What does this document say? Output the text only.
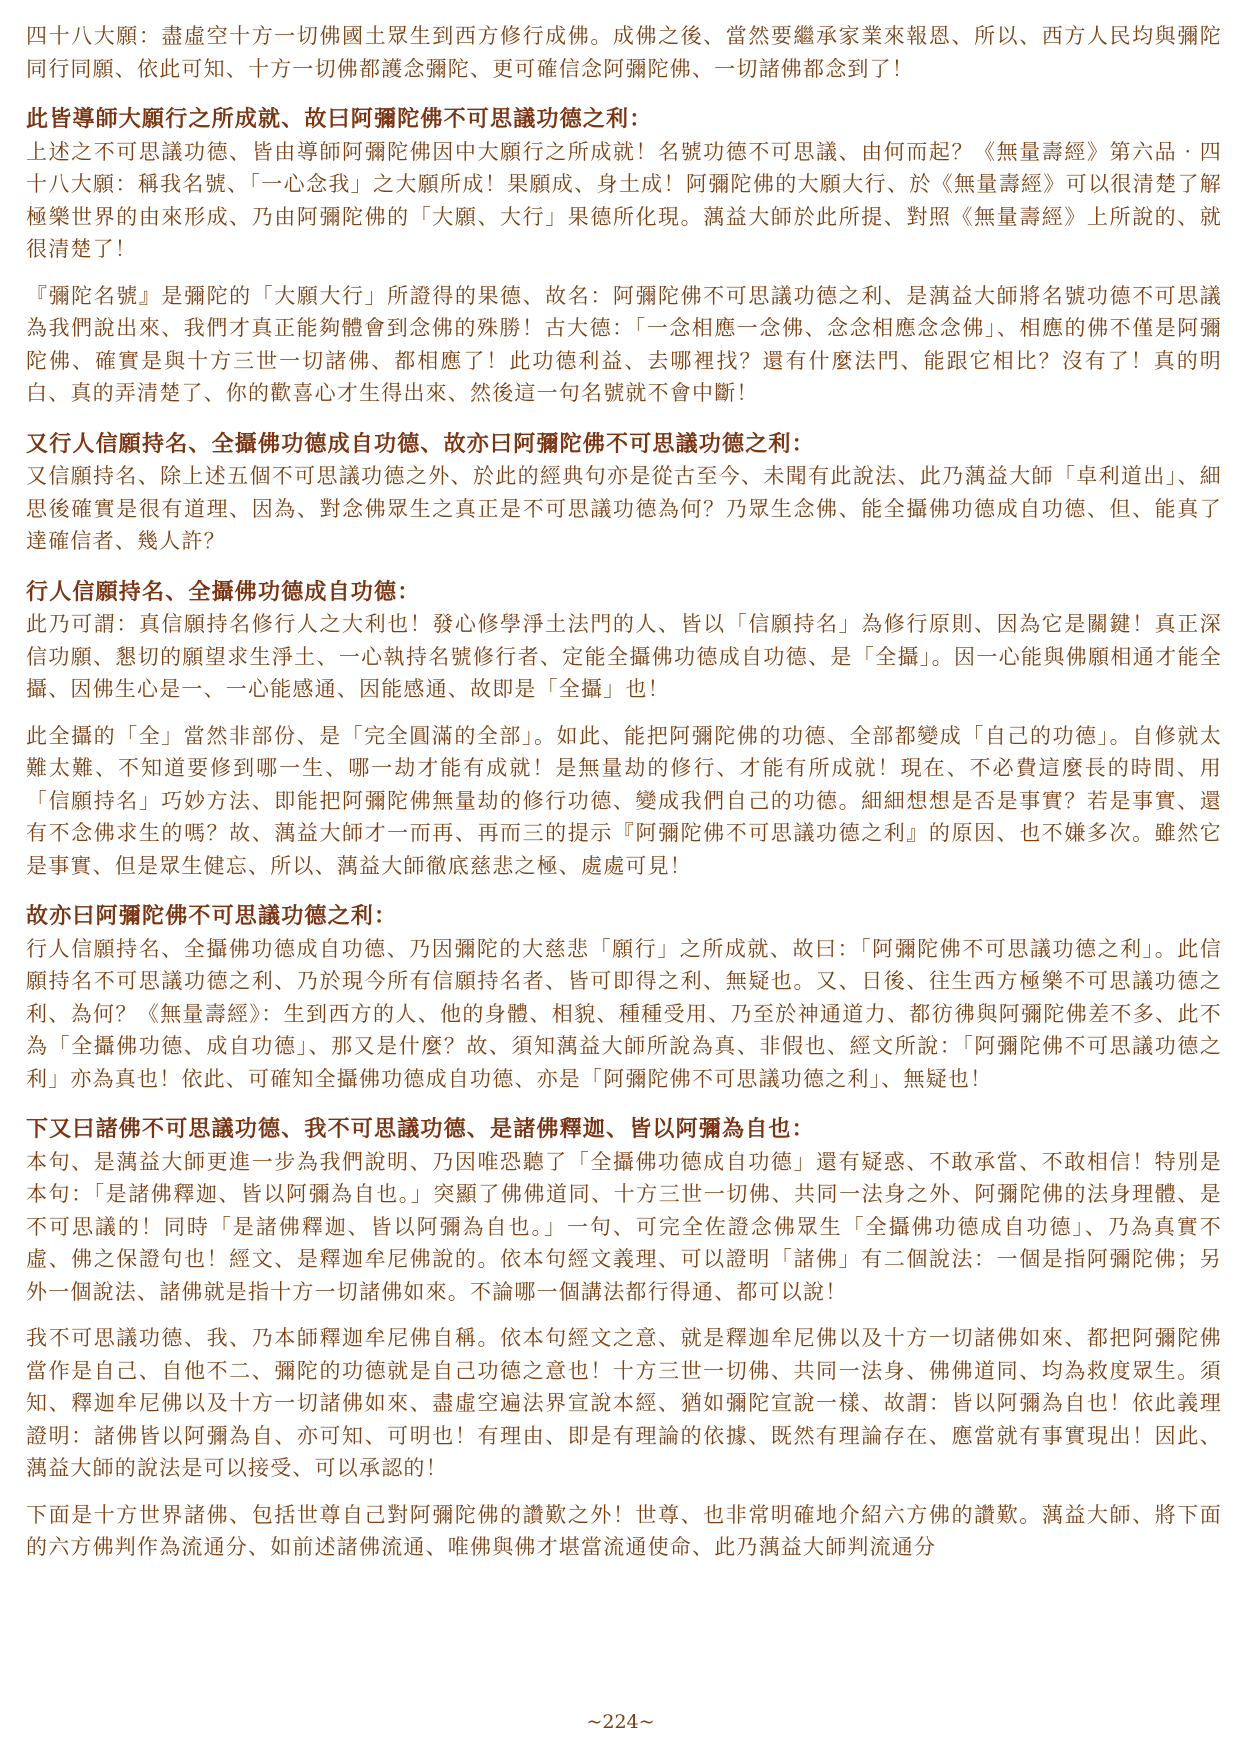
四十八大願：盡虛空十方一切佛國土眾生到西方修行成佛。成佛之後、當然要繼承家業來報恩、所以、西方人民均與彌陀同行同願、依此可知、十方一切佛都護念彌陀、更可確信念阿彌陀佛、一切諸佛都念到了！

此皆導師大願行之所成就、故曰阿彌陀佛不可思議功德之利：

上述之不可思議功德、皆由導師阿彌陀佛因中大願行之所成就！名號功德不可思議、由何而起？《無量壽經》第六品‧四十八大願：稱我名號、「一心念我」之大願所成！果願成、身土成！阿彌陀佛的大願大行、於《無量壽經》可以很清楚了解極樂世界的由來形成、乃由阿彌陀佛的「大願、大行」果德所化現。蕅益大師於此所提、對照《無量壽經》上所說的、就很清楚了！

『彌陀名號』是彌陀的「大願大行」所證得的果德、故名：阿彌陀佛不可思議功德之利、是蕅益大師將名號功德不可思議為我們說出來、我們才真正能夠體會到念佛的殊勝！古大德：「一念相應一念佛、念念相應念念佛」、相應的佛不僅是阿彌陀佛、確實是與十方三世一切諸佛、都相應了！此功德利益、去哪裡找？還有什麼法門、能跟它相比？沒有了！真的明白、真的弄清楚了、你的歡喜心才生得出來、然後這一句名號就不會中斷！

又行人信願持名、全攝佛功德成自功德、故亦曰阿彌陀佛不可思議功德之利：

又信願持名、除上述五個不可思議功德之外、於此的經典句亦是從古至今、未聞有此說法、此乃蕅益大師「卓利道出」、細思後確實是很有道理、因為、對念佛眾生之真正是不可思議功德為何？乃眾生念佛、能全攝佛功德成自功德、但、能真了達確信者、幾人許？

行人信願持名、全攝佛功德成自功德：

此乃可謂：真信願持名修行人之大利也！發心修學淨土法門的人、皆以「信願持名」為修行原則、因為它是關鍵！真正深信功願、懇切的願望求生淨土、一心執持名號修行者、定能全攝佛功德成自功德、是「全攝」。因一心能與佛願相通才能全攝、因佛生心是一、一心能感通、因能感通、故即是「全攝」也！

此全攝的「全」當然非部份、是「完全圓滿的全部」。如此、能把阿彌陀佛的功德、全部都變成「自己的功德」。自修就太難太難、不知道要修到哪一生、哪一劫才能有成就！是無量劫的修行、才能有所成就！現在、不必費這麼長的時間、用「信願持名」巧妙方法、即能把阿彌陀佛無量劫的修行功德、變成我們自己的功德。細細想想是否是事實？若是事實、還有不念佛求生的嗎？故、蕅益大師才一而再、再而三的提示『阿彌陀佛不可思議功德之利』的原因、也不嫌多次。雖然它是事實、但是眾生健忘、所以、蕅益大師徹底慈悲之極、處處可見！

故亦曰阿彌陀佛不可思議功德之利：

行人信願持名、全攝佛功德成自功德、乃因彌陀的大慈悲「願行」之所成就、故曰：「阿彌陀佛不可思議功德之利」。此信願持名不可思議功德之利、乃於現今所有信願持名者、皆可即得之利、無疑也。又、日後、往生西方極樂不可思議功德之利、為何？《無量壽經》：生到西方的人、他的身體、相貌、種種受用、乃至於神通道力、都彷彿與阿彌陀佛差不多、此不為「全攝佛功德、成自功德」、那又是什麼？故、須知蕅益大師所說為真、非假也、經文所說：「阿彌陀佛不可思議功德之利」亦為真也！依此、可確知全攝佛功德成自功德、亦是「阿彌陀佛不可思議功德之利」、無疑也！

下又曰諸佛不可思議功德、我不可思議功德、是諸佛釋迦、皆以阿彌為自也：

本句、是蕅益大師更進一步為我們說明、乃因唯恐聽了「全攝佛功德成自功德」還有疑惑、不敢承當、不敢相信！特別是本句：「是諸佛釋迦、皆以阿彌為自也。」突顯了佛佛道同、十方三世一切佛、共同一法身之外、阿彌陀佛的法身理體、是不可思議的！同時「是諸佛釋迦、皆以阿彌為自也。」一句、可完全佐證念佛眾生「全攝佛功德成自功德」、乃為真實不虛、佛之保證句也！經文、是釋迦牟尼佛說的。依本句經文義理、可以證明「諸佛」有二個說法：一個是指阿彌陀佛；另外一個說法、諸佛就是指十方一切諸佛如來。不論哪一個講法都行得通、都可以說！

我不可思議功德、我、乃本師釋迦牟尼佛自稱。依本句經文之意、就是釋迦牟尼佛以及十方一切諸佛如來、都把阿彌陀佛當作是自己、自他不二、彌陀的功德就是自己功德之意也！十方三世一切佛、共同一法身、佛佛道同、均為救度眾生。須知、釋迦牟尼佛以及十方一切諸佛如來、盡虛空遍法界宣說本經、猶如彌陀宣說一樣、故謂：皆以阿彌為自也！依此義理證明：諸佛皆以阿彌為自、亦可知、可明也！有理由、即是有理論的依據、既然有理論存在、應當就有事實現出！因此、蕅益大師的說法是可以接受、可以承認的！

下面是十方世界諸佛、包括世尊自己對阿彌陀佛的讚歎之外！世尊、也非常明確地介紹六方佛的讚歎。蕅益大師、將下面的六方佛判作為流通分、如前述諸佛流通、唯佛與佛才堪當流通使命、此乃蕅益大師判流通分

~224~
